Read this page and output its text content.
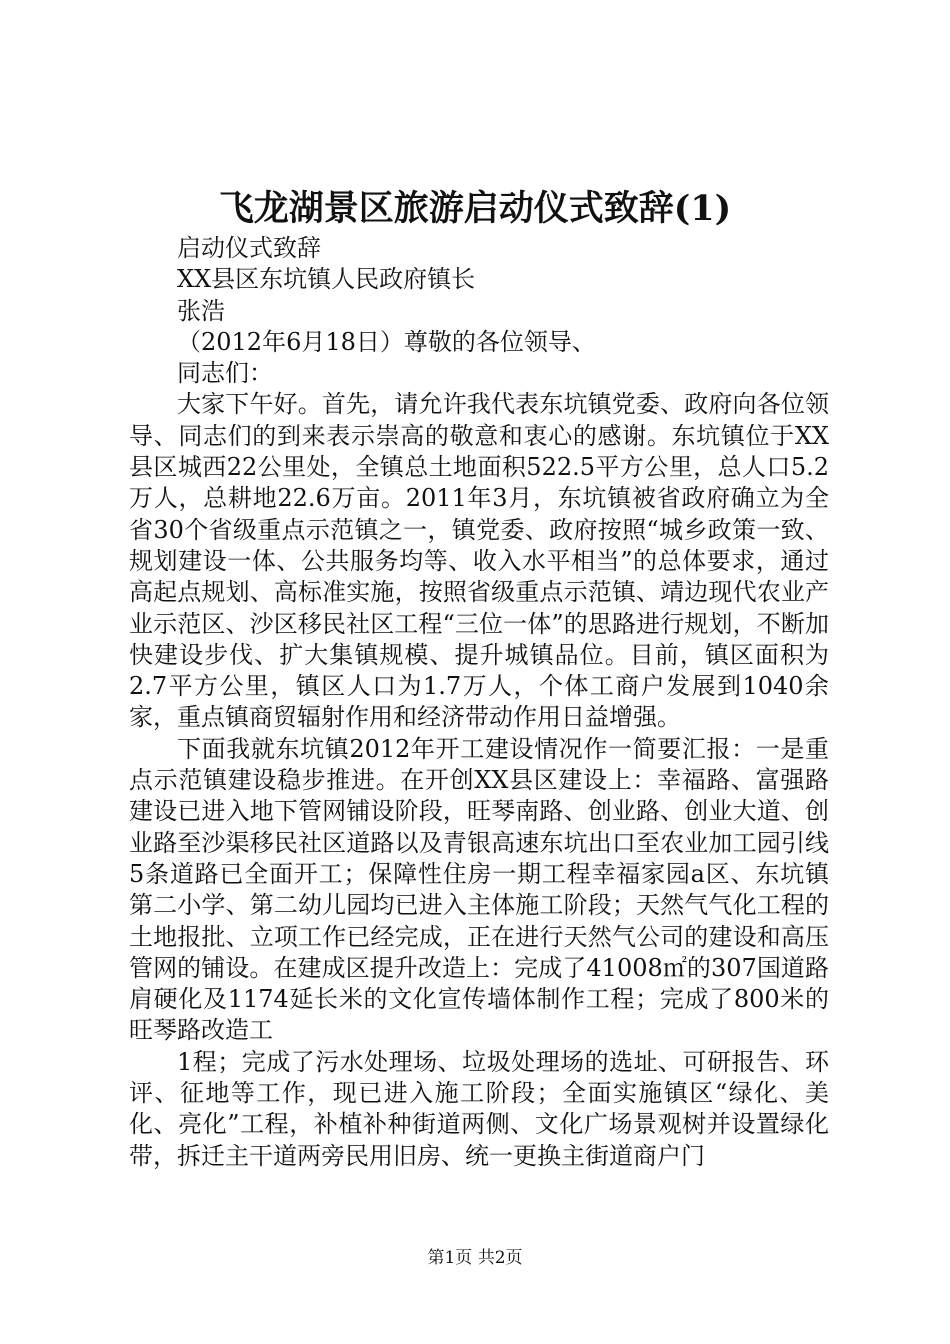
飞龙湖景区旅游启动仪式致辞(1)

启动仪式致辞

XX县区东坑镇人民政府镇长

张浩

（2012年6月18日）尊敬的各位领导、

同志们：

大家下午好。首先，请允许我代表东坑镇党委、政府向各位领导、同志们的到来表示崇高的敬意和衷心的感谢。东坑镇位于XX县区城西22公里处，全镇总土地面积522.5平方公里，总人口5.2万人，总耕地22.6万亩。2011年3月，东坑镇被省政府确立为全省30个省级重点示范镇之一，镇党委、政府按照“城乡政策一致、规划建设一体、公共服务均等、收入水平相当”的总体要求，通过高起点规划、高标准实施，按照省级重点示范镇、靖边现代农业产业示范区、沙区移民社区工程“三位一体”的思路进行规划，不断加快建设步伐、扩大集镇规模、提升城镇品位。目前，镇区面积为2.7平方公里，镇区人口为1.7万人，个体工商户发展到1040余家，重点镇商贸辐射作用和经济带动作用日益增强。

下面我就东坑镇2012年开工建设情况作一简要汇报：一是重点示范镇建设稳步推进。在开创XX县区建设上：幸福路、富强路建设已进入地下管网铺设阶段，旺琴南路、创业路、创业大道、创业路至沙渠移民社区道路以及青银高速东坑出口至农业加工园引线5条道路已全面开工；保障性住房一期工程幸福家园a区、东坑镇第二小学、第二幼儿园均已进入主体施工阶段；天然气气化工程的土地报批、立项工作已经完成，正在进行天然气公司的建设和高压管网的铺设。在建成区提升改造上：完成了41008㎡的307国道路肩硬化及1174延长米的文化宣传墙体制作工程；完成了800米的旺琴路改造工

1程；完成了污水处理场、垃圾处理场的选址、可研报告、环评、征地等工作，现已进入施工阶段；全面实施镇区“绿化、美化、亮化”工程，补植补种街道两侧、文化广场景观树并设置绿化带，拆迁主干道两旁民用旧房、统一更换主街道商户门

第1页 共2页
